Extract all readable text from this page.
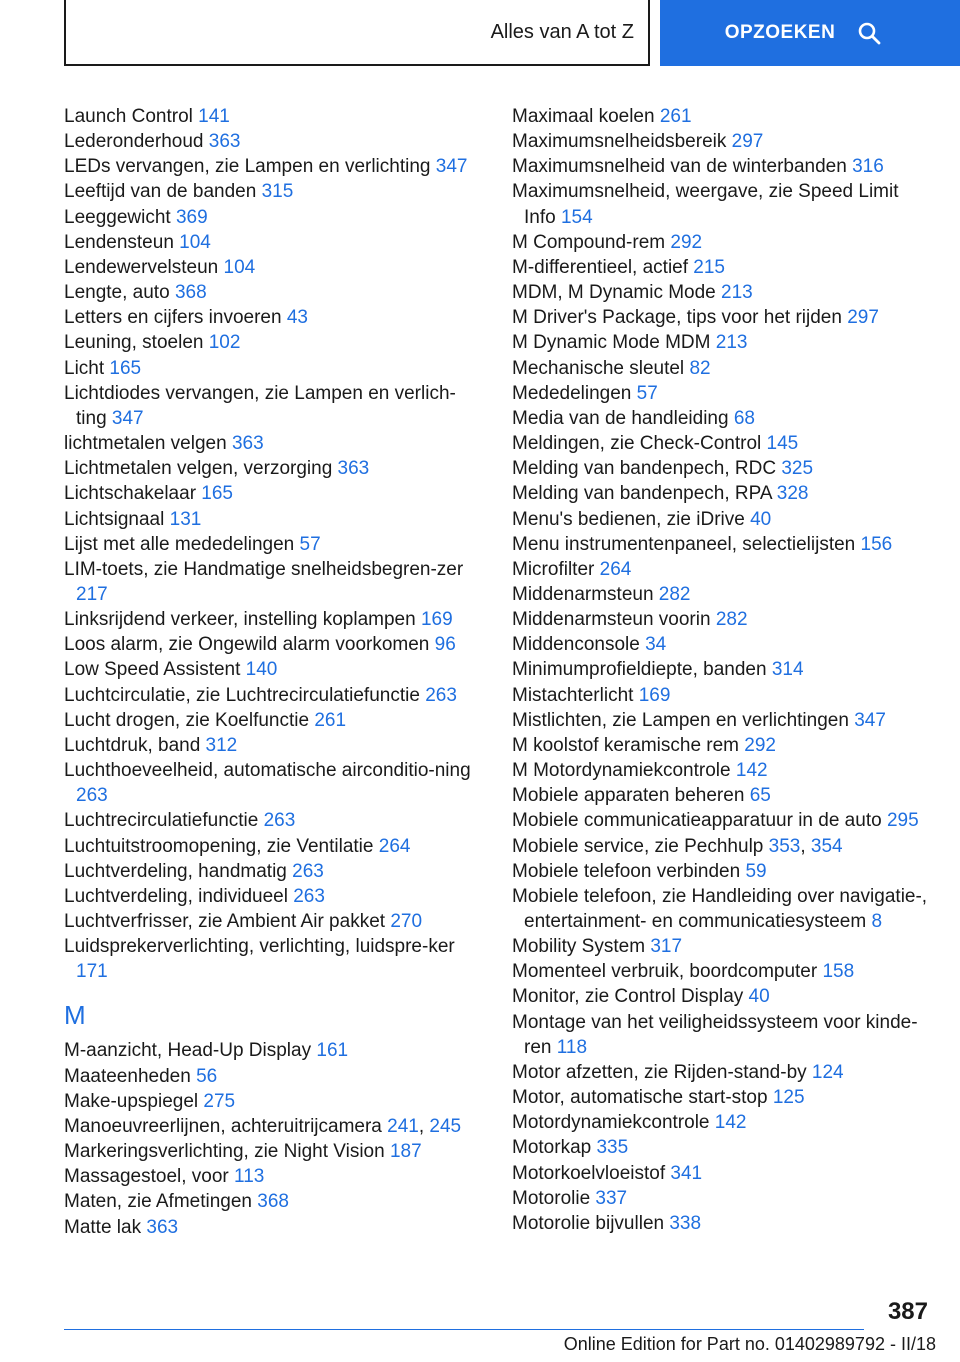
Alles van A tot Z	OPZOEKEN
Launch Control 141
Lederonderhoud 363
LEDs vervangen, zie Lampen en verlichting 347
Leeftijd van de banden 315
Leeggewicht 369
Lendensteun 104
Lendewervelsteun 104
Lengte, auto 368
Letters en cijfers invoeren 43
Leuning, stoelen 102
Licht 165
Lichtdiodes vervangen, zie Lampen en verlich-ting 347
lichtmetalen velgen 363
Lichtmetalen velgen, verzorging 363
Lichtschakelaar 165
Lichtsignaal 131
Lijst met alle mededelingen 57
LIM-toets, zie Handmatige snelheidsbegren-zer 217
Linksrijdend verkeer, instelling koplampen 169
Loos alarm, zie Ongewild alarm voorkomen 96
Low Speed Assistent 140
Luchtcirculatie, zie Luchtrecirculatiefunctie 263
Lucht drogen, zie Koelfunctie 261
Luchtdruk, band 312
Luchthoeveelheid, automatische airconditio-ning 263
Luchtrecirculatiefunctie 263
Luchtuitstroomopening, zie Ventilatie 264
Luchtverdeling, handmatig 263
Luchtverdeling, individueel 263
Luchtverfrisser, zie Ambient Air pakket 270
Luidsprekerverlichting, verlichting, luidspre-ker 171
M
M-aanzicht, Head-Up Display 161
Maateenheden 56
Make-upspiegel 275
Manoeuvreerlijnen, achteruitrijcamera 241, 245
Markeringsverlichting, zie Night Vision 187
Massagestoel, voor 113
Maten, zie Afmetingen 368
Matte lak 363
Maximaal koelen 261
Maximumsnelheidsbereik 297
Maximumsnelheid van de winterbanden 316
Maximumsnelheid, weergave, zie Speed Limit Info 154
M Compound-rem 292
M-differentieel, actief 215
MDM, M Dynamic Mode 213
M Driver's Package, tips voor het rijden 297
M Dynamic Mode MDM 213
Mechanische sleutel 82
Mededelingen 57
Media van de handleiding 68
Meldingen, zie Check-Control 145
Melding van bandenpech, RDC 325
Melding van bandenpech, RPA 328
Menu's bedienen, zie iDrive 40
Menu instrumentenpaneel, selectielijsten 156
Microfilter 264
Middenarmsteun 282
Middenarmsteun voorin 282
Middenconsole 34
Minimumprofieldiepte, banden 314
Mistachterlicht 169
Mistlichten, zie Lampen en verlichtingen 347
M koolstof keramische rem 292
M Motordynamiekcontrole 142
Mobiele apparaten beheren 65
Mobiele communicatieapparatuur in de auto 295
Mobiele service, zie Pechhulp 353, 354
Mobiele telefoon verbinden 59
Mobiele telefoon, zie Handleiding over navigatie-, entertainment- en communicatiesysteem 8
Mobility System 317
Momenteel verbruik, boordcomputer 158
Monitor, zie Control Display 40
Montage van het veiligheidssysteem voor kinde-ren 118
Motor afzetten, zie Rijden-stand-by 124
Motor, automatische start-stop 125
Motordynamiekcontrole 142
Motorkap 335
Motorkoelvloeistof 341
Motorolie 337
Motorolie bijvullen 338
387
Online Edition for Part no. 01402989792 - II/18
